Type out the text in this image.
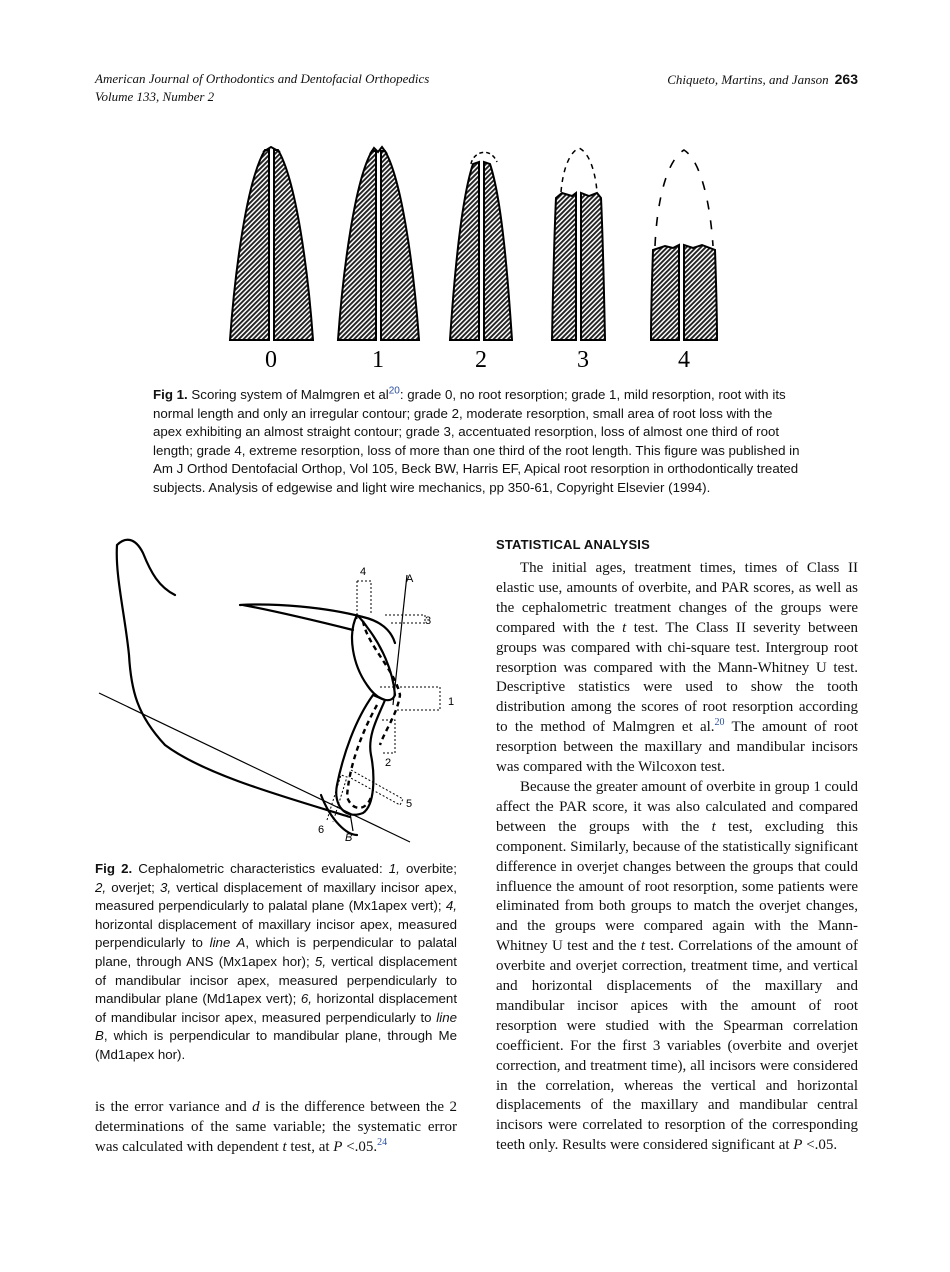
American Journal of Orthodontics and Dentofacial Orthopedics
Volume 133, Number 2
Chiqueto, Martins, and Janson 263
0	1	2	3	4
Fig 1. Scoring system of Malmgren et al$^{20}$: grade 0, no root resorption; grade 1, mild resorption, root with its normal length and only an irregular contour; grade 2, moderate resorption, small area of root loss with the apex exhibiting an almost straight contour; grade 3, accentuated resorption, loss of almost one third of root length; grade 4, extreme resorption, loss of more than one third of the root length. This figure was published in Am J Orthod Dentofacial Orthop, Vol 105, Beck BW, Harris EF, Apical root resorption in orthodontically treated subjects. Analysis of edgewise and light wire mechanics, pp 350-61, Copyright Elsevier (1994).
4
A
3
1
2
5
6
B
Fig 2. Cephalometric characteristics evaluated: 1, overbite; 2, overjet; 3, vertical displacement of maxillary incisor apex, measured perpendicularly to palatal plane (Mx1apex vert); 4, horizontal displacement of maxillary incisor apex, measured perpendicularly to line A, which is perpendicular to palatal plane, through ANS (Mx1apex hor); 5, vertical displacement of mandibular incisor apex, measured perpendicularly to mandibular plane (Md1apex vert); 6, horizontal displacement of mandibular incisor apex, measured perpendicularly to line B, which is perpendicular to mandibular plane, through Me (Md1apex hor).
is the error variance and d is the difference between the 2 determinations of the same variable; the systematic error was calculated with dependent t test, at P <.05.24
STATISTICAL ANALYSIS

The initial ages, treatment times, times of Class II elastic use, amounts of overbite, and PAR scores, as well as the cephalometric treatment changes of the groups were compared with the t test. The Class II severity between groups was compared with chi-square test. Intergroup root resorption was compared with the Mann-Whitney U test. Descriptive statistics were used to show the tooth distribution among the scores of root resorption according to the method of Malmgren et al.$^{20}$ The amount of root resorption between the maxillary and mandibular incisors was compared with the Wilcoxon test.

Because the greater amount of overbite in group 1 could affect the PAR score, it was also calculated and compared between the groups with the t test, excluding this component. Similarly, because of the statistically significant difference in overjet changes between the groups that could influence the amount of root resorption, some patients were eliminated from both groups to match the overjet changes, and the groups were compared again with the Mann-Whitney U test and the t test. Correlations of the amount of overbite and overjet correction, treatment time, and vertical and horizontal displacements of the maxillary and mandibular incisor apices with the amount of root resorption were studied with the Spearman correlation coefficient. For the first 3 variables (overbite and overjet correction, and treatment time), all incisors were considered in the correlation, whereas the vertical and horizontal displacements of the maxillary and mandibular central incisors were correlated to resorption of the corresponding teeth only. Results were considered significant at P <.05.
